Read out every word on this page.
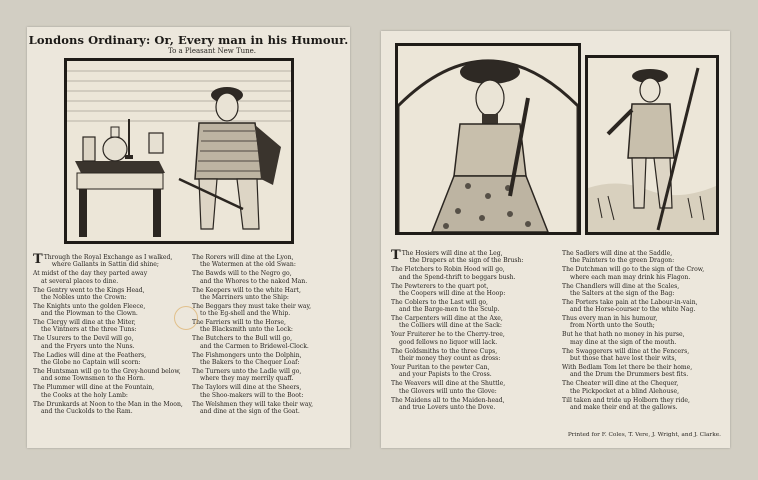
Londons Ordinary: Or, Every man in his Humour.
To a Pleasant New Tune.

T Through the Royal Exchange as I walked,
where Gallants in Sattin did shine;

At midst of the day they parted away
at several places to dine.

The Gentry went to the Kings Head,
the Nobles unto the Crown:

The Knights unto the golden Fleece,
and the Plowman to the Clown.

The Clergy will dine at the Miter,
the Vintners at the three Tuns:

The Usurers to the Devil will go,
and the Fryers unto the Nuns.

The Ladies will dine at the Feathers,
the Globe no Captain will scorn:

The Huntsman will go to the Grey-hound below,
and some Townsmen to the Horn.

The Plummer will dine at the Fountain,
the Cooks at the holy Lamb:

The Drunkards at Noon to the Man in the Moon,
and the Cuckolds to the Ram.

The Rorers will dine at the Lyon,
the Watermen at the old Swan:

The Bawds will to the Negro go,
and the Whores to the naked Man.

The Keepers will to the white Hart,
the Marriners unto the Ship:

The Beggars they must take their way,
to the Eg-shell and the Whip.

The Farriers will to the Horse,
the Blacksmith unto the Lock:

The Butchers to the Bull will go,
and the Carmen to Bridewel-Clock.

The Fishmongers unto the Dolphin,
the Bakers to the Chequer Loaf:

The Turners unto the Ladle will go,
where they may merrily quaff.

The Taylors will dine at the Sheers,
the Shoo-makers will to the Boot:

The Welshmen they will take their way,
and dine at the sign of the Goat.

T The Hosiers will dine at the Leg,
the Drapers at the sign of the Brush:

The Fletchers to Robin Hood will go,
and the Spend-thrift to beggars bush.

The Pewterers to the quart pot,
the Coopers will dine at the Hoop:

The Coblers to the Last will go,
and the Barge-men to the Sculp.

The Carpenters will dine at the Axe,
the Colliers will dine at the Sack:

Your Fruiterer he to the Cherry-tree,
good fellows no liquor will lack.

The Goldsmiths to the three Cups,
their money they count as dross:

Your Puritan to the pewter Can,
and your Papists to the Cross.

The Weavers will dine at the Shuttle,
the Glovers will unto the Glove:

The Maidens all to the Maiden-head,
and true Lovers unto the Dove.

The Sadlers will dine at the Saddle,
the Painters to the green Dragon:

The Dutchman will go to the sign of the Crow,
where each man may drink his Flagon.

The Chandlers will dine at the Scales,
the Salters at the sign of the Bag:

The Porters take pain at the Labour-in-vain,
and the Horse-courser to the white Nag.

Thus every man in his humour,
from North unto the South;

But he that hath no money in his purse,
may dine at the sign of the mouth.

The Swaggerers will dine at the Fencers,
but those that have lost their wits,

With Bedlam Tom let there be their home,
and the Drum the Drummers best fits.

The Cheater will dine at the Chequer,
the Pickpocket at a blind Alehouse,

Till taken and tride up Holborn they ride,
and make their end at the gallows.

Printed for F. Coles, T. Vere, J. Wright, and J. Clarke.
